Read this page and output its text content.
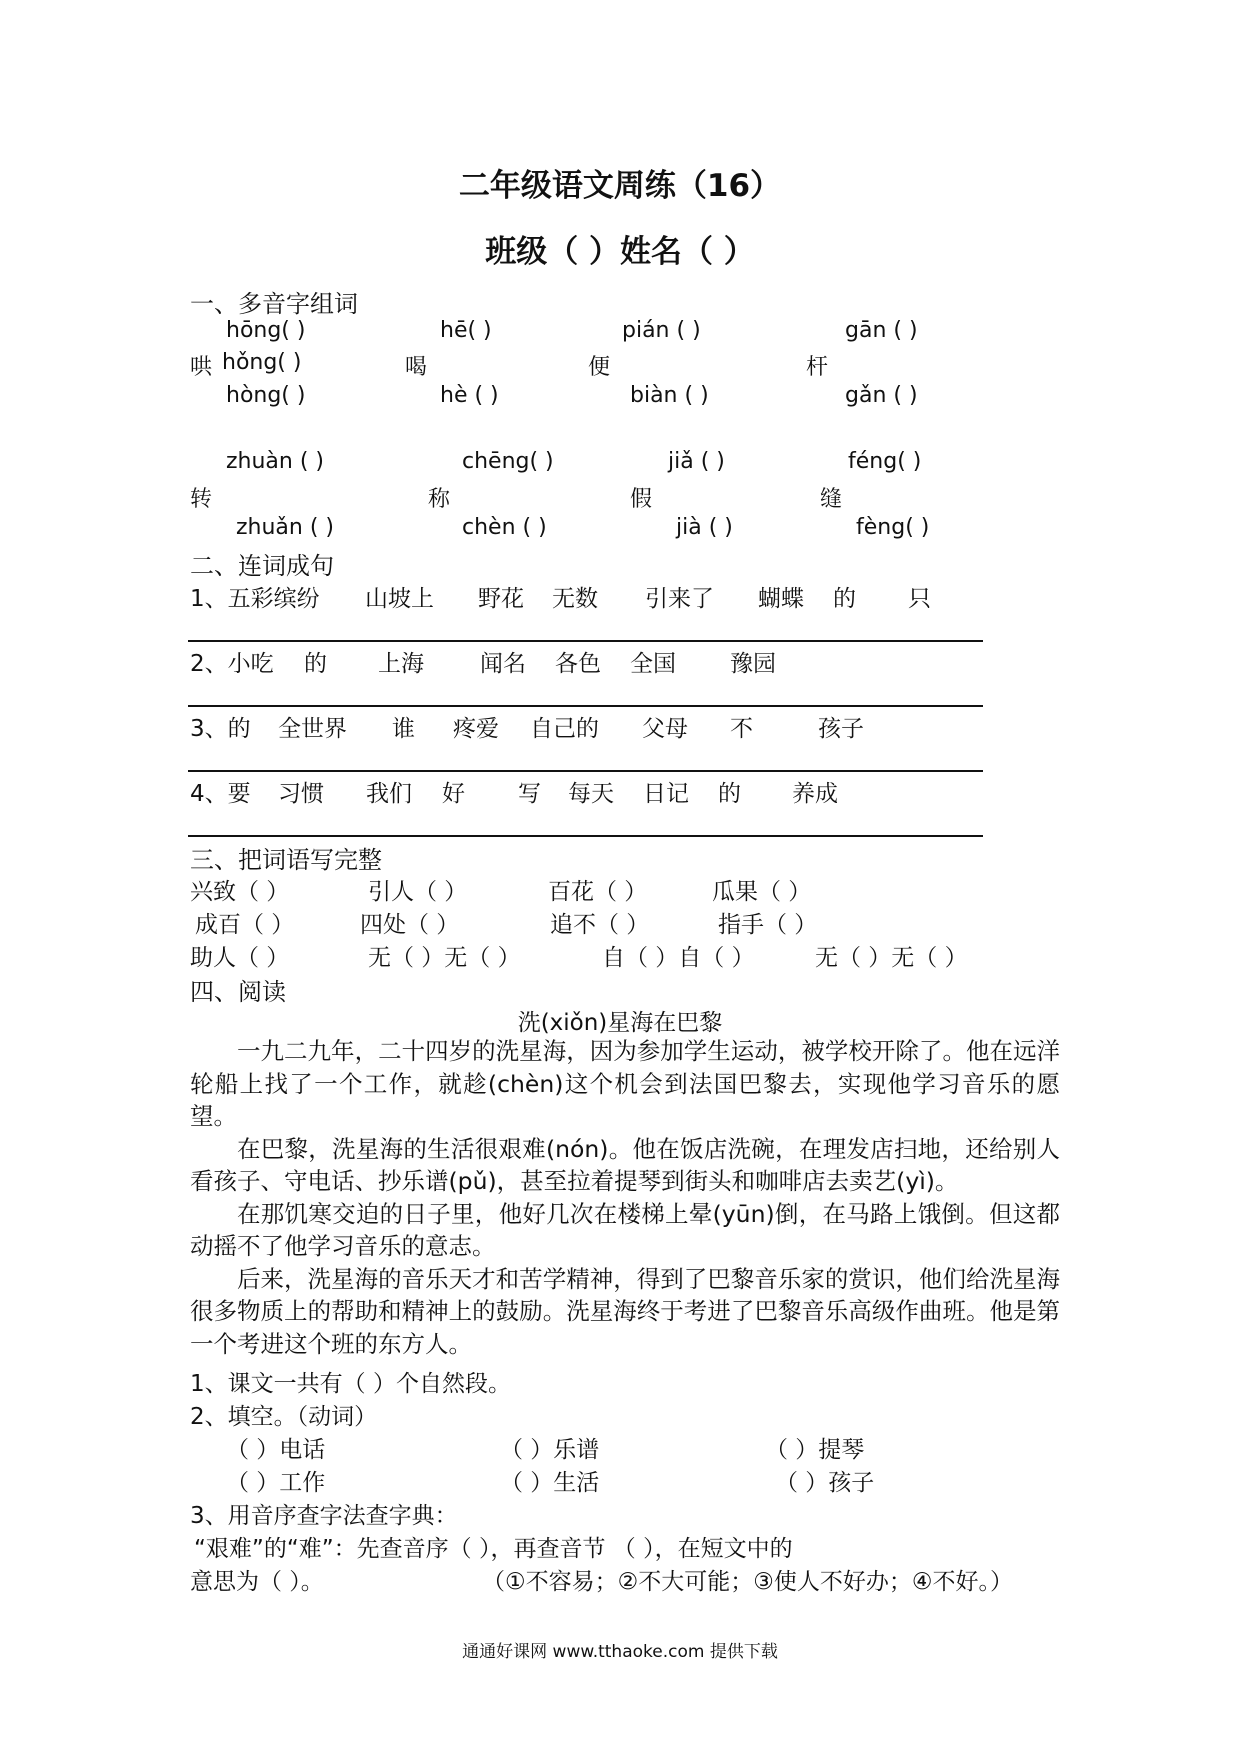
二年级语文周练（16）
班级（ ）姓名（ ）
一、多音字组词
hōng( )	hē( )	pián ( )	gān ( )
哄 hǒng( )	喝	便	杆
hòng( )	hè ( )	biàn ( )	gǎn ( )
zhuàn ( )	chēng( )	jiǎ ( )	féng( )
转	称	假	缝
zhuǎn ( )	chèn ( )	jià ( )	fèng( )
二、连词成句
1、五彩缤纷 山坡上 野花 无数 引来了 蝴蝶 的 只
2、小吃 的 上海 闻名 各色 全国 豫园
3、的 全世界 谁 疼爱 自己的 父母 不	孩子
4、要 习惯 我们 好 写 每天 日记 的 养成
三、把词语写完整
兴致（ ）	引人（ ）	百花（ ）	瓜果（ ）
成百（ ）	四处（ ）	追不（ ）	指手（ ）
助人（ ）	无（ ）无（ ）	自（ ）自（ ）	无（ ）无（ ）
四、阅读
洗(xiǒn)星海在巴黎

一九二九年，二十四岁的洗星海，因为参加学生运动，被学校开除了。他在远洋轮船上找了一个工作，就趁(chèn)这个机会到法国巴黎去，实现他学习音乐的愿望。

在巴黎，洗星海的生活很艰难(nón)。他在饭店洗碗，在理发店扫地，还给别人看孩子、守电话、抄乐谱(pǔ)，甚至拉着提琴到街头和咖啡店去卖艺(yì)。

在那饥寒交迫的日子里，他好几次在楼梯上晕(yūn)倒，在马路上饿倒。但这都动摇不了他学习音乐的意志。

后来，洗星海的音乐天才和苦学精神，得到了巴黎音乐家的赏识，他们给洗星海很多物质上的帮助和精神上的鼓励。洗星海终于考进了巴黎音乐高级作曲班。他是第一个考进这个班的东方人。

1、课文一共有（ ）个自然段。
2、填空。（动词）
（ ）电话	（ ）乐谱	（ ）提琴
（ ）工作	（ ）生活	（ ）孩子
3、用音序查字法查字典：
“艰难”的“难”：先查音序（ ），再查音节 （ ），在短文中的
意思为（ ）。	（①不容易；②不大可能；③使人不好办；④不好。）
通通好课网 www.tthaoke.com 提供下载
